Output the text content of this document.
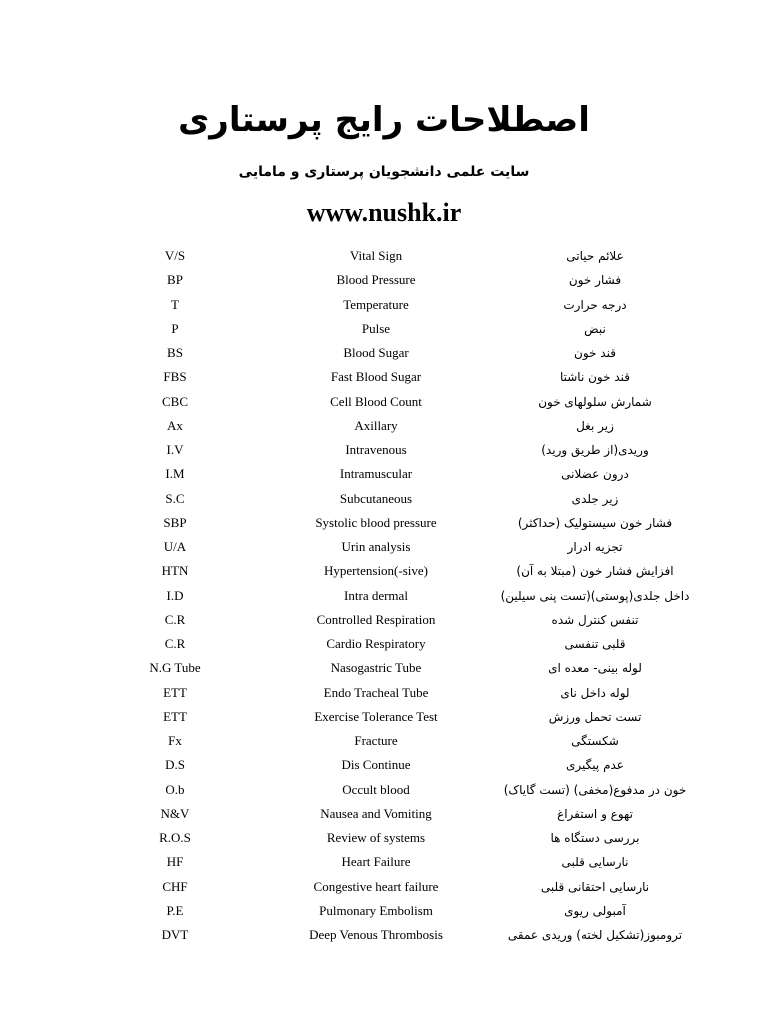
اصطلاحات رایج پرستاری
سایت علمی دانشجویان پرستاری و مامایی
www.nushk.ir
V/S	Vital Sign	علائم حیاتی
BP	Blood Pressure	فشار خون
T	Temperature	درجه حرارت
P	Pulse	نبض
BS	Blood Sugar	قند خون
FBS	Fast Blood Sugar	قند خون ناشتا
CBC	Cell Blood Count	شمارش سلولهای خون
Ax	Axillary	زیر بغل
I.V	Intravenous	وریدی(از طریق ورید)
I.M	Intramuscular	درون عضلانی
S.C	Subcutaneous	زیر جلدی
SBP	Systolic blood pressure	فشار خون سیستولیک (حداکثر)
U/A	Urin analysis	تجزیه ادرار
HTN	Hypertension(-sive)	افزایش فشار خون (مبتلا به آن)
I.D	Intra dermal	داخل جلدی(پوستی)(تست پنی سیلین)
C.R	Controlled Respiration	تنفس کنترل شده
C.R	Cardio Respiratory	قلبی تنفسی
N.G Tube	Nasogastric Tube	لوله بینی- معده ای
ETT	Endo Tracheal Tube	لوله داخل نای
ETT	Exercise Tolerance Test	تست تحمل ورزش
Fx	Fracture	شکستگی
D.S	Dis Continue	عدم پیگیری
O.b	Occult blood	خون در مدفوع(مخفی) (تست گایاک)
N&V	Nausea and Vomiting	تهوع و استفراغ
R.O.S	Review of systems	بررسی دستگاه ها
HF	Heart Failure	نارسایی قلبی
CHF	Congestive heart failure	نارسایی احتقانی قلبی
P.E	Pulmonary Embolism	آمبولی ریوی
DVT	Deep Venous Thrombosis	ترومبوز(تشکیل لخته) وریدی عمقی
